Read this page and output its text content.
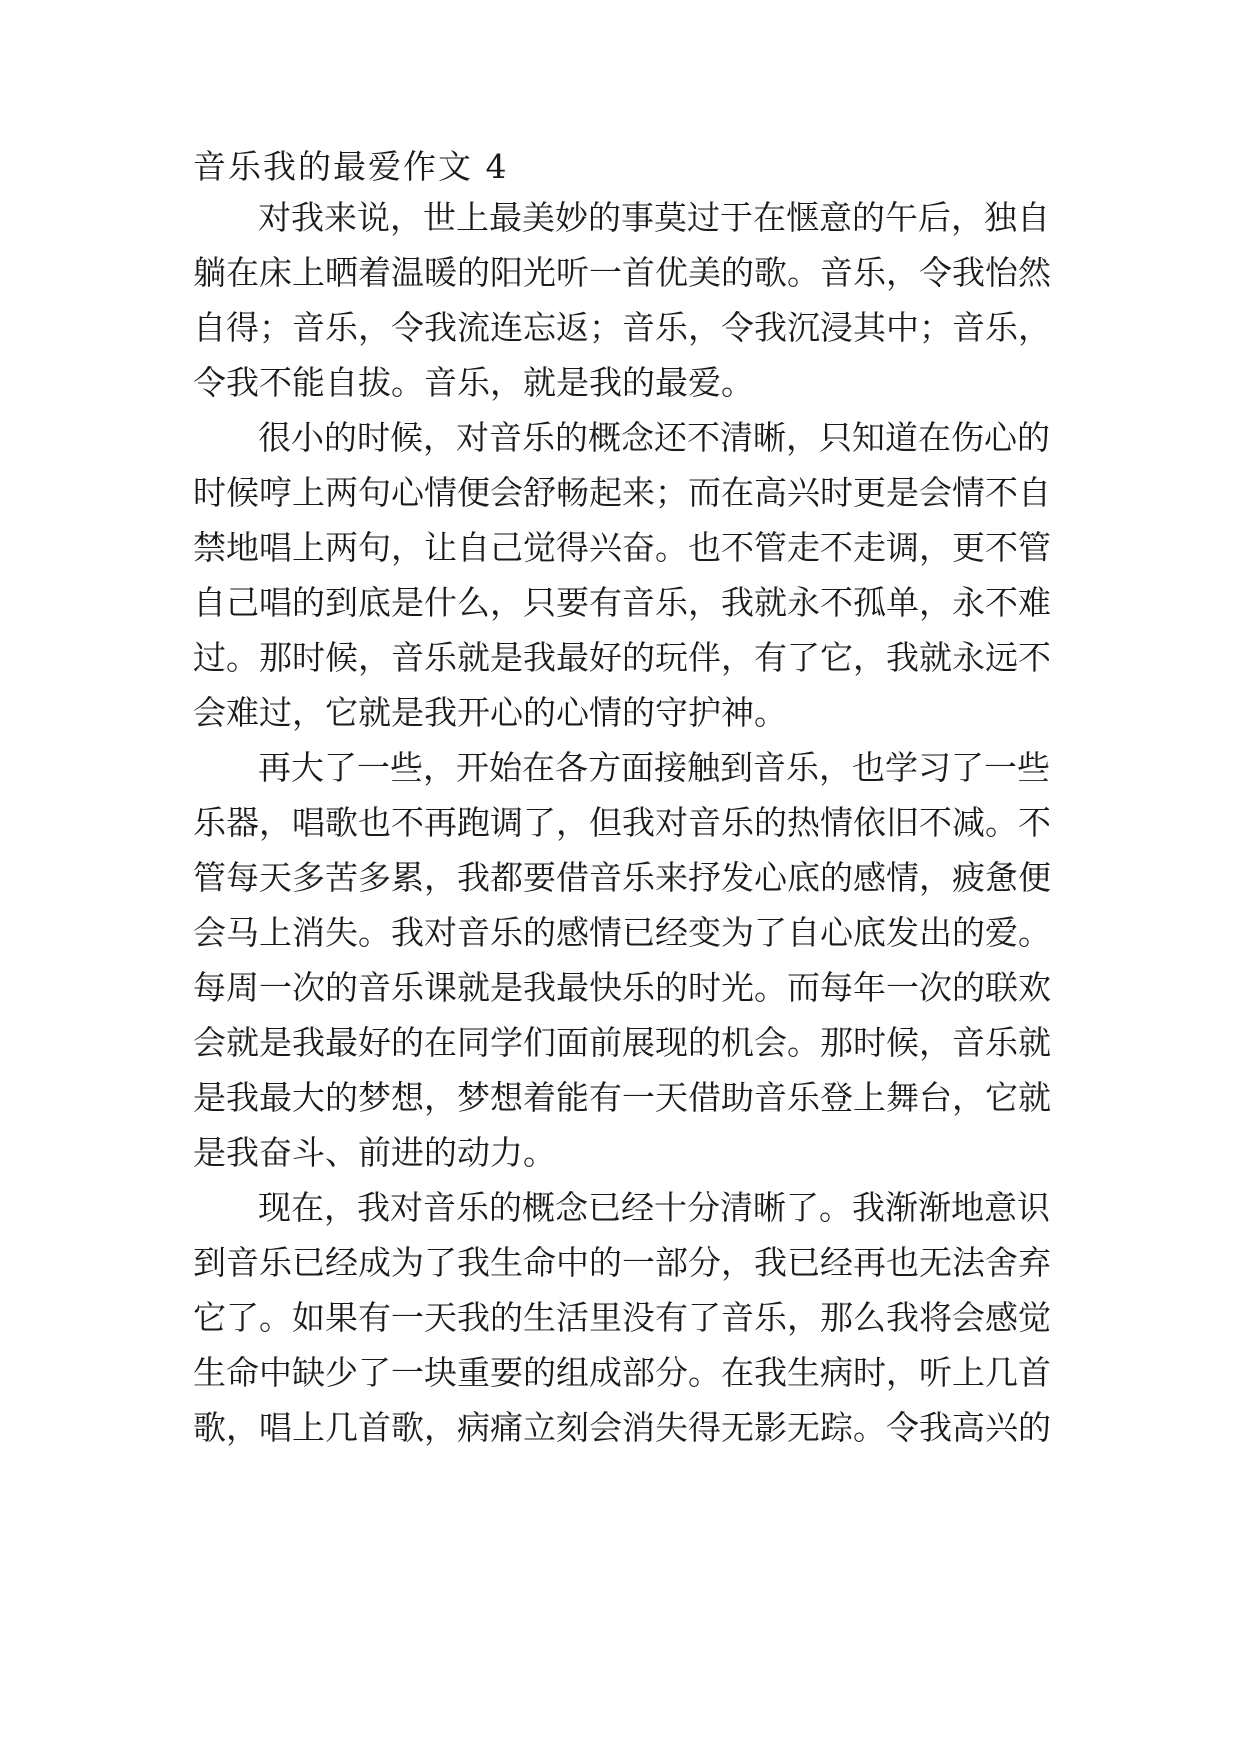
音乐我的最爱作文 4
对我来说，世上最美妙的事莫过于在惬意的午后，独自
躺在床上晒着温暖的阳光听一首优美的歌。音乐，令我怡然
自得；音乐，令我流连忘返；音乐，令我沉浸其中；音乐，
令我不能自拔。音乐，就是我的最爱。
很小的时候，对音乐的概念还不清晰，只知道在伤心的
时候哼上两句心情便会舒畅起来；而在高兴时更是会情不自
禁地唱上两句，让自己觉得兴奋。也不管走不走调，更不管
自己唱的到底是什么，只要有音乐，我就永不孤单，永不难
过。那时候，音乐就是我最好的玩伴，有了它，我就永远不
会难过，它就是我开心的心情的守护神。
再大了一些，开始在各方面接触到音乐，也学习了一些
乐器，唱歌也不再跑调了，但我对音乐的热情依旧不减。不
管每天多苦多累，我都要借音乐来抒发心底的感情，疲惫便
会马上消失。我对音乐的感情已经变为了自心底发出的爱。
每周一次的音乐课就是我最快乐的时光。而每年一次的联欢
会就是我最好的在同学们面前展现的机会。那时候，音乐就
是我最大的梦想，梦想着能有一天借助音乐登上舞台，它就
是我奋斗、前进的动力。
现在，我对音乐的概念已经十分清晰了。我渐渐地意识
到音乐已经成为了我生命中的一部分，我已经再也无法舍弃
它了。如果有一天我的生活里没有了音乐，那么我将会感觉
生命中缺少了一块重要的组成部分。在我生病时，听上几首
歌，唱上几首歌，病痛立刻会消失得无影无踪。令我高兴的
